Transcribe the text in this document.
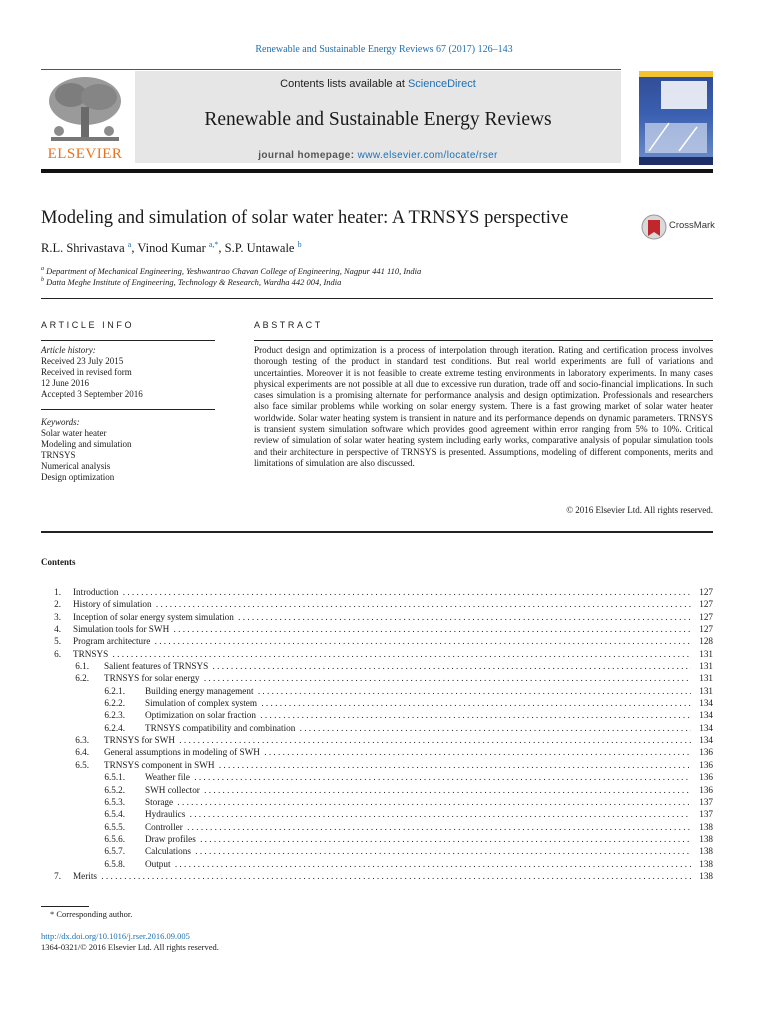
Renewable and Sustainable Energy Reviews 67 (2017) 126–143
ELSEVIER
Contents lists available at ScienceDirect
Renewable and Sustainable Energy Reviews
journal homepage: www.elsevier.com/locate/rser
Modeling and simulation of solar water heater: A TRNSYS perspective	CrossMark
R.L. Shrivastava $^a$, Vinod Kumar $^{a,*}$, S.P. Untawale $^b$
$^a$ Department of Mechanical Engineering, Yeshwantrao Chavan College of Engineering, Nagpur 441 110, India
$^b$ Datta Meghe Institute of Engineering, Technology & Research, Wardha 442 004, India
ARTICLE INFO
Article history:
Received 23 July 2015
Received in revised form
12 June 2016
Accepted 3 September 2016
Keywords:
Solar water heater
Modeling and simulation
TRNSYS
Numerical analysis
Design optimization
ABSTRACT
Product design and optimization is a process of interpolation through iteration. Rating and certification process involves thorough testing of the product in standard test conditions. But real world experiments are full of variations and uncertainties. Moreover it is not feasible to create extreme testing environments in laboratory experiments. In many cases physical experiments are not possible at all due to excessive run duration, trade off and socio-financial implications. In such cases simulation is a promising alternate for performance analysis and design optimization. Professionals and researchers also face similar problems while working on solar energy system. There is a fast growing market of solar water heater worldwide. Solar water heating system is transient in nature and its performance depends on dynamic parameters. TRNSYS is transient system simulation software which provides good agreement within error ranging from 5% to 10%. Critical review of simulation of solar water heating system including early works, comparative analysis of popular simulation tools and their architecture in perspective of TRNSYS is presented. Assumptions, modeling of different components, merits and limitations of simulation are also discussed.
© 2016 Elsevier Ltd. All rights reserved.
Contents
1. Introduction . . .	127
2. History of simulation . . .	127
3. Inception of solar energy system simulation . . .	127
4. Simulation tools for SWH . . .	127
5. Program architecture . . .	128
6. TRNSYS . . .	131
6.1. Salient features of TRNSYS . . .	131
6.2. TRNSYS for solar energy . . .	131
6.2.1. Building energy management . . .	131
6.2.2. Simulation of complex system . . .	134
6.2.3. Optimization on solar fraction . . .	134
6.2.4. TRNSYS compatibility and combination . . .	134
6.3. TRNSYS for SWH . . .	134
6.4. General assumptions in modeling of SWH . . .	136
6.5. TRNSYS component in SWH . . .	136
6.5.1. Weather file . . .	136
6.5.2. SWH collector . . .	136
6.5.3. Storage . . .	137
6.5.4. Hydraulics . . .	137
6.5.5. Controller . . .	138
6.5.6. Draw profiles . . .	138
6.5.7. Calculations . . .	138
6.5.8. Output . . .	138
7. Merits . . .	138
* Corresponding author.
http://dx.doi.org/10.1016/j.rser.2016.09.005
1364-0321/© 2016 Elsevier Ltd. All rights reserved.
